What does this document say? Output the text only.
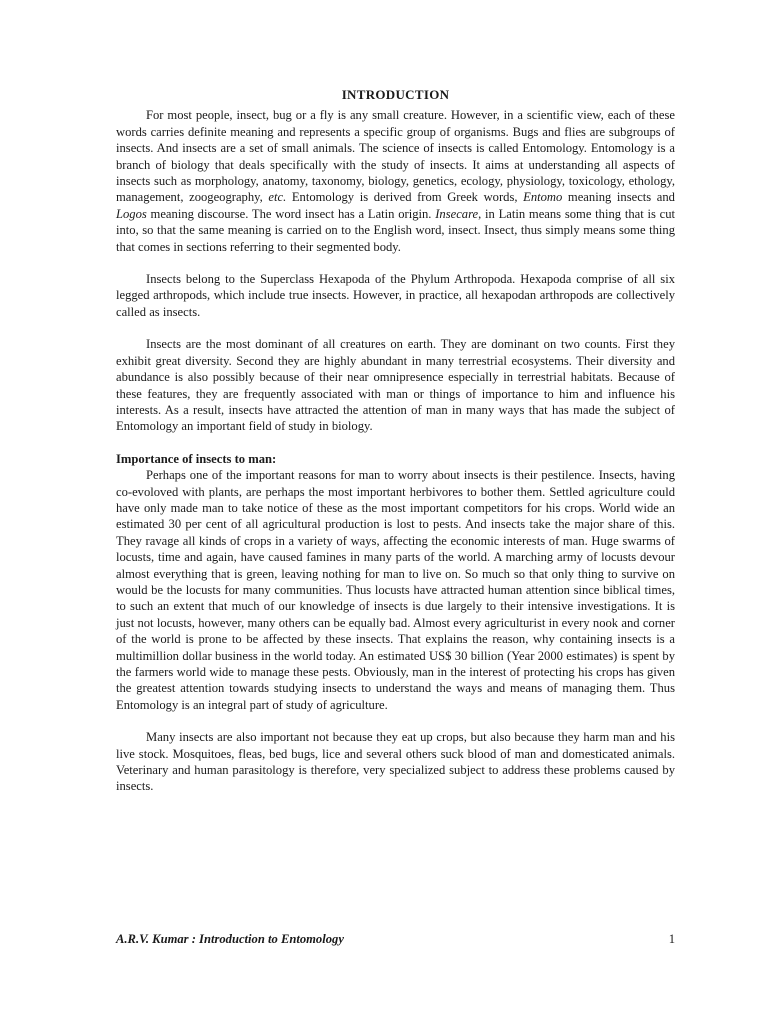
INTRODUCTION

For most people, insect, bug or a fly is any small creature. However, in a scientific view, each of these words carries definite meaning and represents a specific group of organisms. Bugs and flies are subgroups of insects. And insects are a set of small animals. The science of insects is called Entomology. Entomology is a branch of biology that deals specifically with the study of insects. It aims at understanding all aspects of insects such as morphology, anatomy, taxonomy, biology, genetics, ecology, physiology, toxicology, ethology, management, zoogeography, etc. Entomology is derived from Greek words, Entomo meaning insects and Logos meaning discourse. The word insect has a Latin origin. Insecare, in Latin means some thing that is cut into, so that the same meaning is carried on to the English word, insect. Insect, thus simply means some thing that comes in sections referring to their segmented body.

Insects belong to the Superclass Hexapoda of the Phylum Arthropoda. Hexapoda comprise of all six legged arthropods, which include true insects. However, in practice, all hexapodan arthropods are collectively called as insects.

Insects are the most dominant of all creatures on earth. They are dominant on two counts. First they exhibit great diversity. Second they are highly abundant in many terrestrial ecosystems. Their diversity and abundance is also possibly because of their near omnipresence especially in terrestrial habitats. Because of these features, they are frequently associated with man or things of importance to him and influence his interests. As a result, insects have attracted the attention of man in many ways that has made the subject of Entomology an important field of study in biology.

Importance of insects to man:

Perhaps one of the important reasons for man to worry about insects is their pestilence. Insects, having co-evoloved with plants, are perhaps the most important herbivores to bother them. Settled agriculture could have only made man to take notice of these as the most important competitors for his crops. World wide an estimated 30 per cent of all agricultural production is lost to pests. And insects take the major share of this. They ravage all kinds of crops in a variety of ways, affecting the economic interests of man. Huge swarms of locusts, time and again, have caused famines in many parts of the world. A marching army of locusts devour almost everything that is green, leaving nothing for man to live on. So much so that only thing to survive on would be the locusts for many communities. Thus locusts have attracted human attention since biblical times, to such an extent that much of our knowledge of insects is due largely to their intensive investigations. It is just not locusts, however, many others can be equally bad. Almost every agriculturist in every nook and corner of the world is prone to be affected by these insects. That explains the reason, why containing insects is a multimillion dollar business in the world today. An estimated US$ 30 billion (Year 2000 estimates) is spent by the farmers world wide to manage these pests. Obviously, man in the interest of protecting his crops has given the greatest attention towards studying insects to understand the ways and means of managing them. Thus Entomology is an integral part of study of agriculture.

Many insects are also important not because they eat up crops, but also because they harm man and his live stock. Mosquitoes, fleas, bed bugs, lice and several others suck blood of man and domesticated animals. Veterinary and human parasitology is therefore, very specialized subject to address these problems caused by insects.

A.R.V. Kumar : Introduction to Entomology	1
